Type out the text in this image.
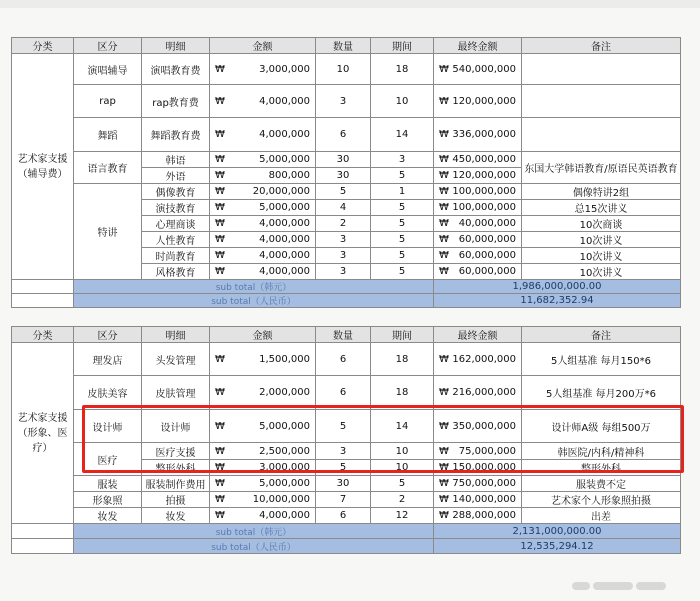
分类	区分	明细	金额	数量	期间	最终金额	备注
艺术家支援
（辅导费）	演唱辅导	演唱教育费	₩ 3,000,000	10	18	₩ 540,000,000	
	rap	rap教育费	₩ 4,000,000	3	10	₩ 120,000,000	
	舞蹈	舞蹈教育费	₩ 4,000,000	6	14	₩ 336,000,000	
	语言教育	韩语	₩ 5,000,000	30	3	₩ 450,000,000	东国大学韩语教育/原语民英语教育
		外语	₩ 800,000	30	5	₩ 120,000,000	
	特讲	偶像教育	₩ 20,000,000	5	1	₩ 100,000,000	偶像特讲2组
		演技教育	₩ 5,000,000	4	5	₩ 100,000,000	总15次讲义
		心理商谈	₩ 4,000,000	2	5	₩ 40,000,000	10次商谈
		人性教育	₩ 4,000,000	3	5	₩ 60,000,000	10次讲义
		时尚教育	₩ 4,000,000	3	5	₩ 60,000,000	10次讲义
		风格教育	₩ 4,000,000	3	5	₩ 60,000,000	10次讲义
	sub total（韩元）					1,986,000,000.00	
	sub total（人民币）					11,682,352.94	
分类	区分	明细	金额	数量	期间	最终金额	备注
艺术家支援
（形象、医
疗）	理发店	头发管理	₩ 1,500,000	6	18	₩ 162,000,000	5人组基准 每月150*6
	皮肤美容	皮肤管理	₩ 2,000,000	6	18	₩ 216,000,000	5人组基准 每月200万*6
	设计师	设计师	₩ 5,000,000	5	14	₩ 350,000,000	设计师A级 每组500万
	医疗	医疗支援	₩ 2,500,000	3	10	₩ 75,000,000	韩医院/内科/精神科
		整形外科	₩ 3,000,000	5	10	₩ 150,000,000	整形外科
	服装	服装制作费用	₩ 5,000,000	30	5	₩ 750,000,000	服装费不定
	形象照	拍摄	₩ 10,000,000	7	2	₩ 140,000,000	艺术家个人形象照拍摄
	妆发	妆发	₩ 4,000,000	6	12	₩ 288,000,000	出差
	sub total（韩元）					2,131,000,000.00	
	sub total（人民币）					12,535,294.12	
